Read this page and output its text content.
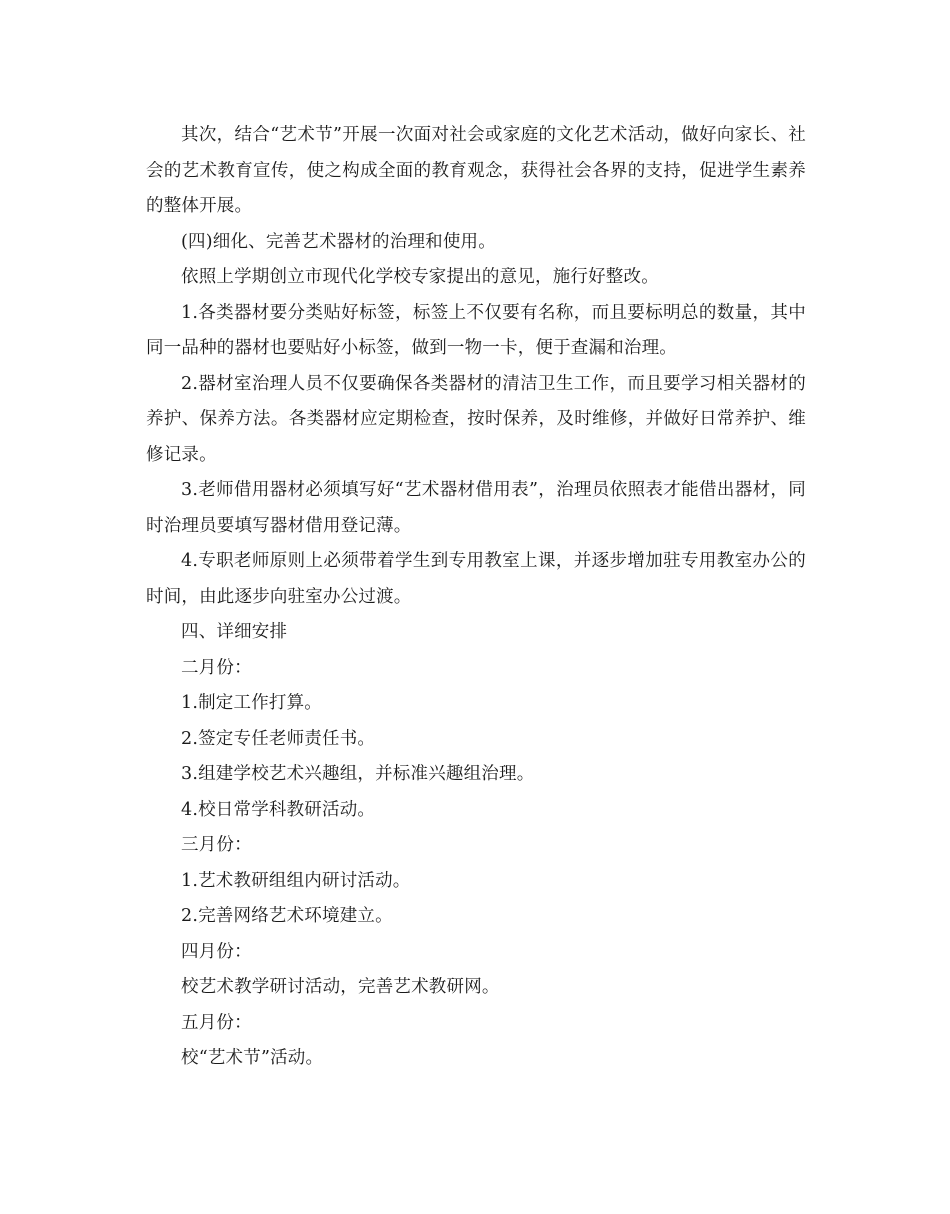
其次，结合“艺术节”开展一次面对社会或家庭的文化艺术活动，做好向家长、社会的艺术教育宣传，使之构成全面的教育观念，获得社会各界的支持，促进学生素养的整体开展。

(四)细化、完善艺术器材的治理和使用。

依照上学期创立市现代化学校专家提出的意见，施行好整改。

1.各类器材要分类贴好标签，标签上不仅要有名称，而且要标明总的数量，其中同一品种的器材也要贴好小标签，做到一物一卡，便于查漏和治理。

2.器材室治理人员不仅要确保各类器材的清洁卫生工作，而且要学习相关器材的养护、保养方法。各类器材应定期检查，按时保养，及时维修，并做好日常养护、维修记录。

3.老师借用器材必须填写好“艺术器材借用表”，治理员依照表才能借出器材，同时治理员要填写器材借用登记薄。

4.专职老师原则上必须带着学生到专用教室上课，并逐步增加驻专用教室办公的时间，由此逐步向驻室办公过渡。

四、详细安排

二月份：

1.制定工作打算。

2.签定专任老师责任书。

3.组建学校艺术兴趣组，并标准兴趣组治理。

4.校日常学科教研活动。

三月份：

1.艺术教研组组内研讨活动。

2.完善网络艺术环境建立。

四月份：

校艺术教学研讨活动，完善艺术教研网。

五月份：

校“艺术节”活动。
